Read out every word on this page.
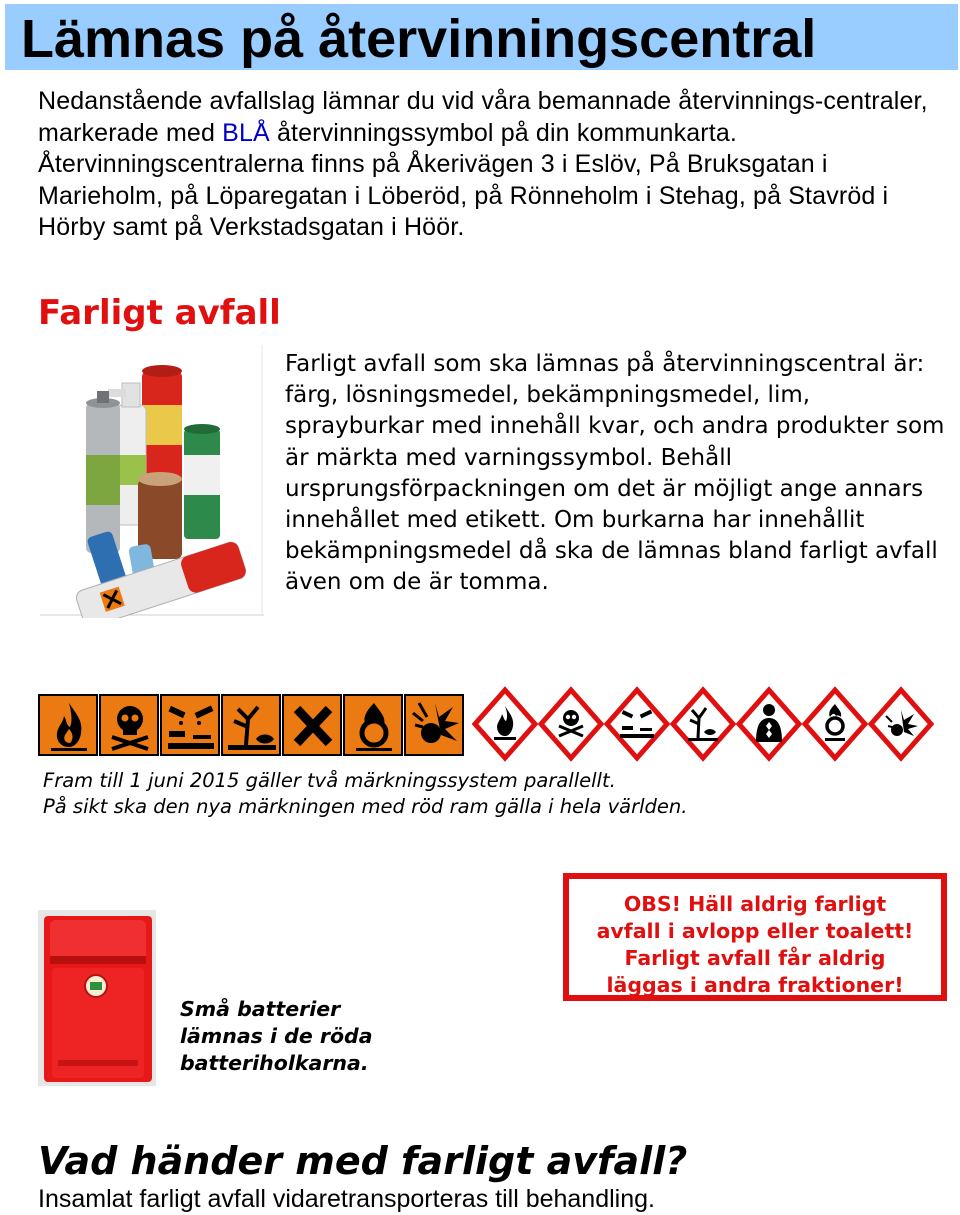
Lämnas på återvinningscentral

Nedanstående avfallslag lämnar du vid våra bemannade återvinnings-centraler, markerade med BLÅ återvinningssymbol på din kommunkarta. Återvinningscentralerna finns på Åkerivägen 3 i Eslöv, På Bruksgatan i Marieholm, på Löparegatan i Löberöd, på Rönneholm i Stehag, på Stavröd i Hörby samt på Verkstadsgatan i Höör.

Farligt avfall

Farligt avfall som ska lämnas på återvinningscentral är: färg, lösningsmedel, bekämpningsmedel, lim, sprayburkar med innehåll kvar, och andra produkter som är märkta med varningssymbol. Behåll ursprungsförpackningen om det är möjligt ange annars innehållet med etikett. Om burkarna har innehållit bekämpningsmedel då ska de lämnas bland farligt avfall även om de är tomma.

Fram till 1 juni 2015 gäller två märkningssystem parallellt.
På sikt ska den nya märkningen med röd ram gälla i hela världen.
Små batterier
lämnas i de röda
batteriholkarna.
OBS! Häll aldrig farligt
avfall i avlopp eller toalett!
Farligt avfall får aldrig
läggas i andra fraktioner!
Vad händer med farligt avfall?
Insamlat farligt avfall vidaretransporteras till behandling.
